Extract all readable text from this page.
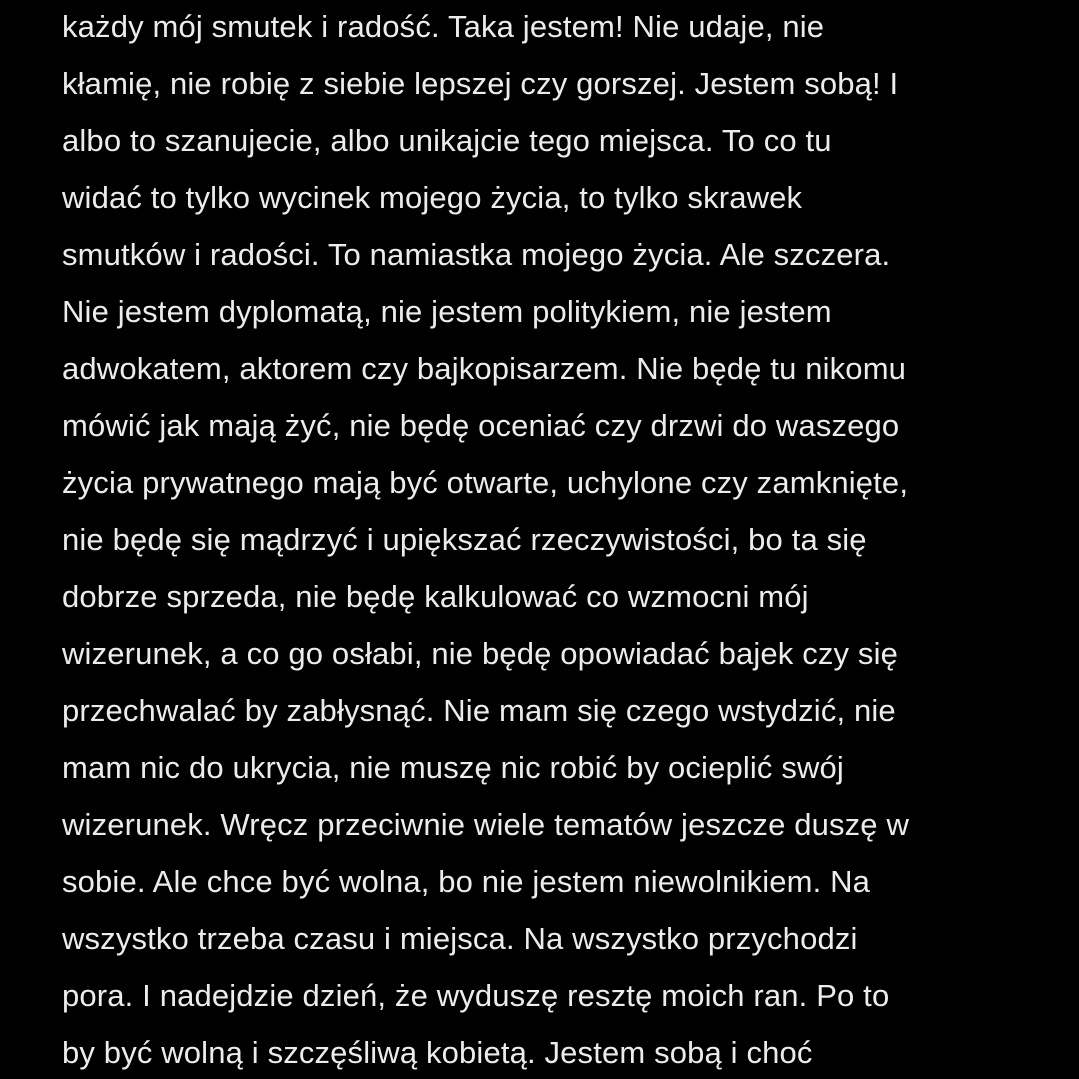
każdy mój smutek i radość. Taka jestem! Nie udaje, nie
kłamię, nie robię z siebie lepszej czy gorszej. Jestem sobą! I
albo to szanujecie, albo unikajcie tego miejsca. To co tu
widać to tylko wycinek mojego życia, to tylko skrawek
smutków i radości. To namiastka mojego życia. Ale szczera.
Nie jestem dyplomatą, nie jestem politykiem, nie jestem
adwokatem, aktorem czy bajkopisarzem. Nie będę tu nikomu
mówić jak mają żyć, nie będę oceniać czy drzwi do waszego
życia prywatnego mają być otwarte, uchylone czy zamknięte,
nie będę się mądrzyć i upiększać rzeczywistości, bo ta się
dobrze sprzeda, nie będę kalkulować co wzmocni mój
wizerunek, a co go osłabi, nie będę opowiadać bajek czy się
przechwalać by zabłysnąć. Nie mam się czego wstydzić, nie
mam nic do ukrycia, nie muszę nic robić by ocieplić swój
wizerunek. Wręcz przeciwnie wiele tematów jeszcze duszę w
sobie. Ale chce być wolna, bo nie jestem niewolnikiem. Na
wszystko trzeba czasu i miejsca. Na wszystko przychodzi
pora. I nadejdzie dzień, że wyduszę resztę moich ran. Po to
by być wolną i szczęśliwą kobietą. Jestem sobą i choć
